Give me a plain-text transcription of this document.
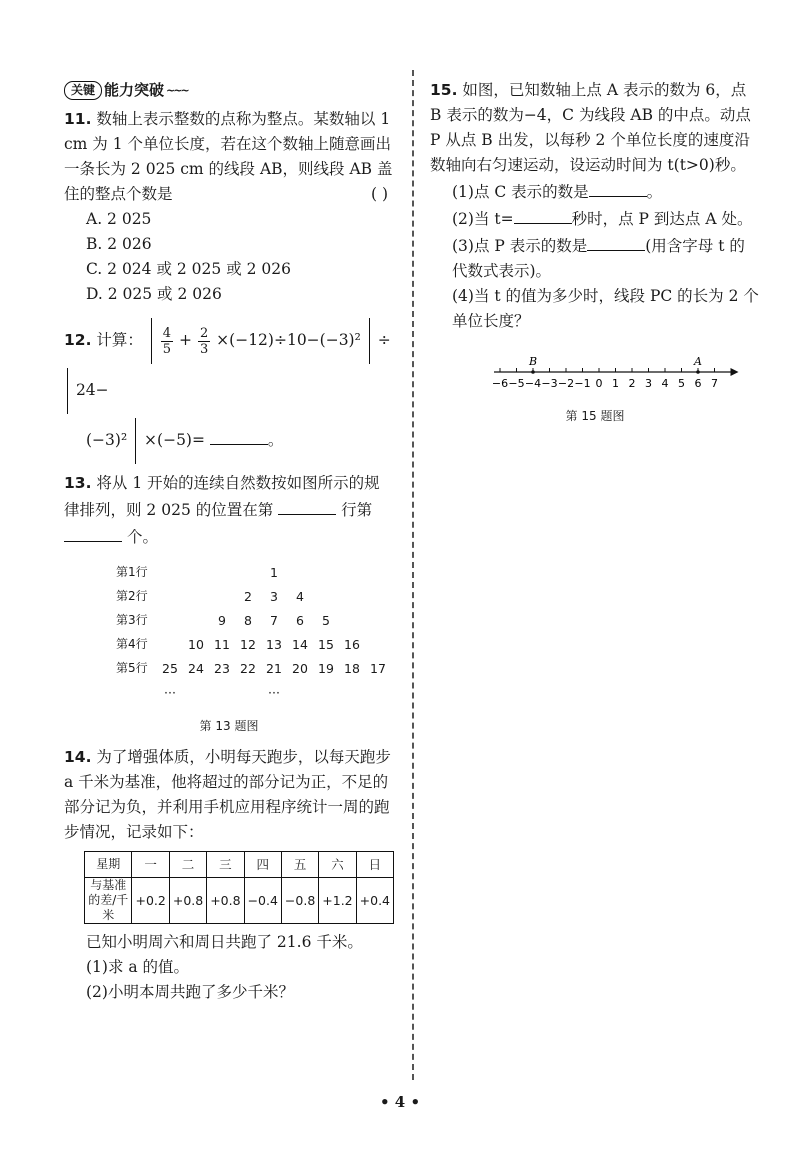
关键 能力突破 ~~~
11. 数轴上表示整数的点称为整点。某数轴以 1 cm 为 1 个单位长度，若在这个数轴上随意画出一条长为 2 025 cm 的线段 AB，则线段 AB 盖住的整点个数是	( )
A. 2 025
B. 2 026
C. 2 024 或 2 025 或 2 026
D. 2 025 或 2 026
12. 计算： $\frac{4}{5} + \frac{2}{3} \times(-12)\div 10-(-3)^2 \div 24-$
(−3)² ×(−5)=	。
13. 将从 1 开始的连续自然数按如图所示的规律排列，则 2 025 的位置在第	行第  个。
第1行	1
第2行	2	3	4
第3行	9	8	7	6	5
第4行	10 11 12 13 14 15 16
第5行	25 24 23 22 21 20 19 18 17
···	···
第 13 题图
14. 为了增强体质，小明每天跑步，以每天跑步 a 千米为基准，他将超过的部分记为正，不足的部分记为负，并利用手机应用程序统计一周的跑步情况，记录如下：
星期	一	二	三	四	五	六	日
与基准的差/千米	+0.2	+0.8	+0.8	−0.4	−0.8	+1.2	+0.4
已知小明周六和周日共跑了 21.6 千米。
(1)求 a 的值。
(2)小明本周共跑了多少千米？
15. 如图，已知数轴上点 A 表示的数为 6，点 B 表示的数为−4，C 为线段 AB 的中点。动点 P 从点 B 出发，以每秒 2 个单位长度的速度沿数轴向右匀速运动，设运动时间为 t(t>0)秒。
(1)点 C 表示的数是	。
(2)当 t=	秒时，点 P 到达点 A 处。
(3)点 P 表示的数是	(用含字母 t 的代数式表示)。
(4)当 t 的值为多少时，线段 PC 的长为 2 个单位长度？
−6 −5 −4 −3 −2 −1 0 1 2 3 4 5 6 7
B	A
第 15 题图
• 4 •
